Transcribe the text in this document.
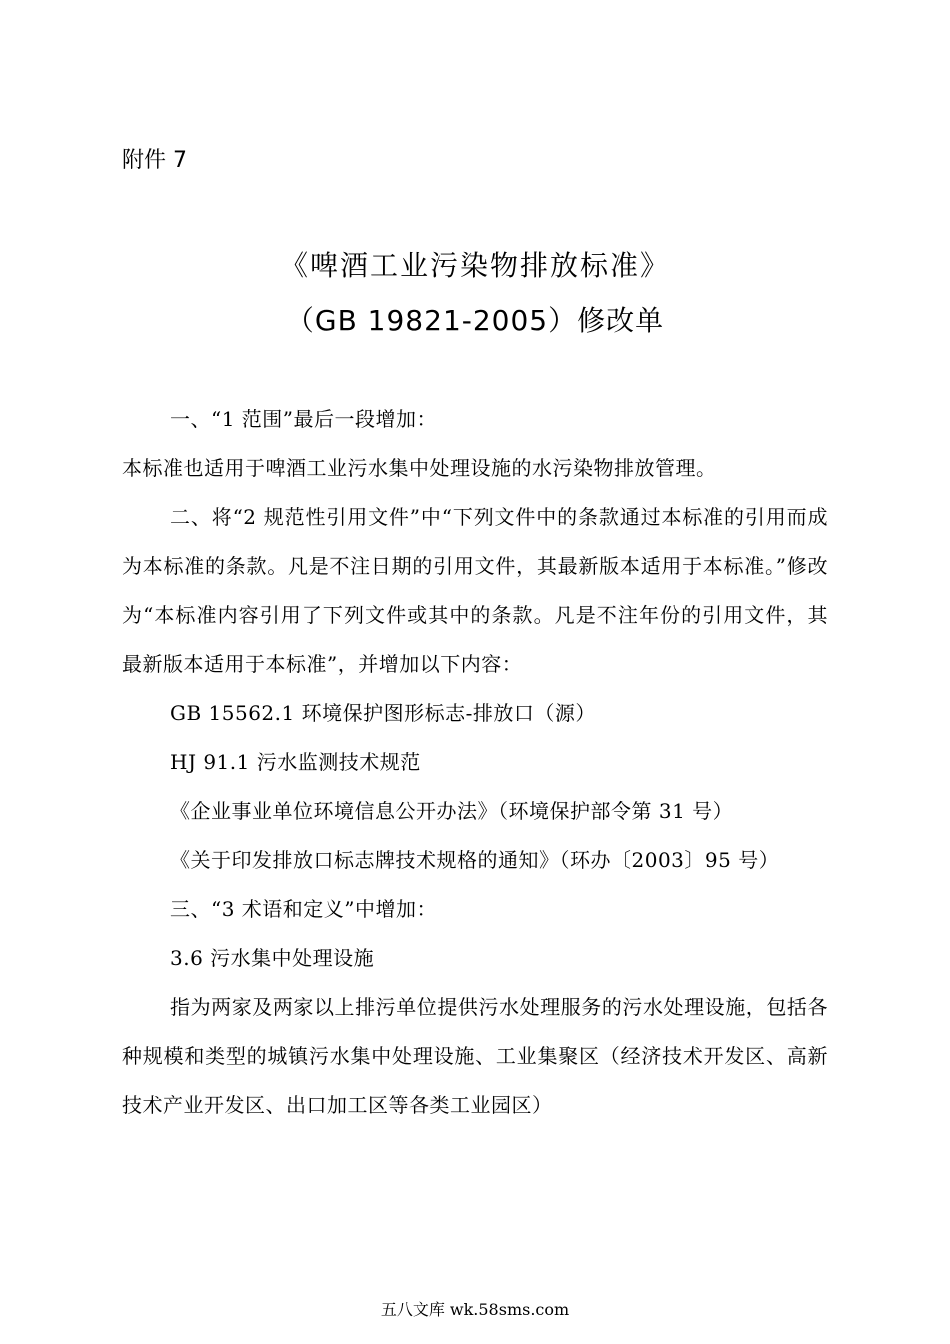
附件 7

《啤酒工业污染物排放标准》
（GB 19821-2005）修改单

一、“1 范围”最后一段增加：

本标准也适用于啤酒工业污水集中处理设施的水污染物排放管理。

二、将“2 规范性引用文件”中“下列文件中的条款通过本标准的引用而成为本标准的条款。凡是不注日期的引用文件，其最新版本适用于本标准。”修改为“本标准内容引用了下列文件或其中的条款。凡是不注年份的引用文件，其最新版本适用于本标准”，并增加以下内容：

GB 15562.1 环境保护图形标志-排放口（源）

HJ 91.1 污水监测技术规范

《企业事业单位环境信息公开办法》（环境保护部令第 31 号）

《关于印发排放口标志牌技术规格的通知》（环办〔2003〕95 号）

三、“3 术语和定义”中增加：

3.6 污水集中处理设施

指为两家及两家以上排污单位提供污水处理服务的污水处理设施，包括各种规模和类型的城镇污水集中处理设施、工业集聚区（经济技术开发区、高新技术产业开发区、出口加工区等各类工业园区）

五八文库 wk.58sms.com
